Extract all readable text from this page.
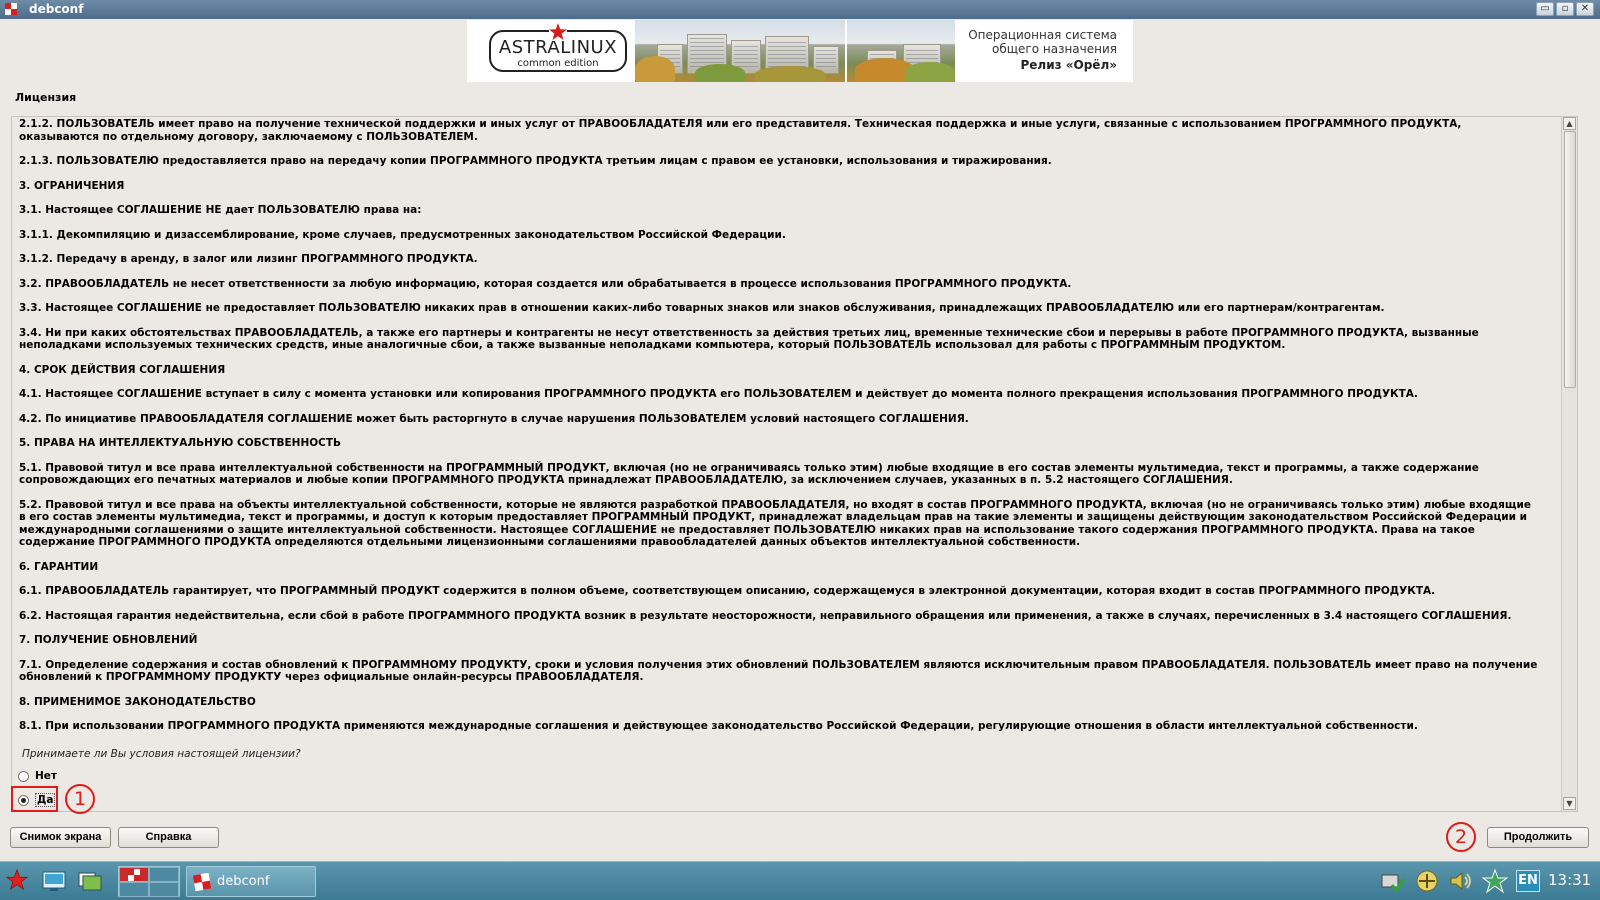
debconf	▭	▫	✕
ASTRALINUX
common edition
Операционная система
общего назначения
Релиз «Орёл»
Лицензия

2.1.2. ПОЛЬЗОВАТЕЛЬ имеет право на получение технической поддержки и иных услуг от ПРАВООБЛАДАТЕЛЯ или его представителя. Техническая поддержка и иные услуги, связанные с использованием ПРОГРАММНОГО ПРОДУКТА, оказываются по отдельному договору, заключаемому с ПОЛЬЗОВАТЕЛЕМ.

2.1.3. ПОЛЬЗОВАТЕЛЮ предоставляется право на передачу копии ПРОГРАММНОГО ПРОДУКТА третьим лицам с правом ее установки, использования и тиражирования.

3. ОГРАНИЧЕНИЯ

3.1. Настоящее СОГЛАШЕНИЕ НЕ дает ПОЛЬЗОВАТЕЛЮ права на:

3.1.1. Декомпиляцию и дизассемблирование, кроме случаев, предусмотренных законодательством Российской Федерации.

3.1.2. Передачу в аренду, в залог или лизинг ПРОГРАММНОГО ПРОДУКТА.

3.2. ПРАВООБЛАДАТЕЛЬ не несет ответственности за любую информацию, которая создается или обрабатывается в процессе использования ПРОГРАММНОГО ПРОДУКТА.

3.3. Настоящее СОГЛАШЕНИЕ не предоставляет ПОЛЬЗОВАТЕЛЮ никаких прав в отношении каких-либо товарных знаков или знаков обслуживания, принадлежащих ПРАВООБЛАДАТЕЛЮ или его партнерам/контрагентам.

3.4. Ни при каких обстоятельствах ПРАВООБЛАДАТЕЛЬ, а также его партнеры и контрагенты не несут ответственность за действия третьих лиц, временные технические сбои и перерывы в работе ПРОГРАММНОГО ПРОДУКТА, вызванные неполадками используемых технических средств, иные аналогичные сбои, а также вызванные неполадками компьютера, который ПОЛЬЗОВАТЕЛЬ использовал для работы с ПРОГРАММНЫМ ПРОДУКТОМ.

4. СРОК ДЕЙСТВИЯ СОГЛАШЕНИЯ

4.1. Настоящее СОГЛАШЕНИЕ вступает в силу с момента установки или копирования ПРОГРАММНОГО ПРОДУКТА его ПОЛЬЗОВАТЕЛЕМ и действует до момента полного прекращения использования ПРОГРАММНОГО ПРОДУКТА.

4.2. По инициативе ПРАВООБЛАДАТЕЛЯ СОГЛАШЕНИЕ может быть расторгнуто в случае нарушения ПОЛЬЗОВАТЕЛЕМ условий настоящего СОГЛАШЕНИЯ.

5. ПРАВА НА ИНТЕЛЛЕКТУАЛЬНУЮ СОБСТВЕННОСТЬ

5.1. Правовой титул и все права интеллектуальной собственности на ПРОГРАММНЫЙ ПРОДУКТ, включая (но не ограничиваясь только этим) любые входящие в его состав элементы мультимедиа, текст и программы, а также содержание сопровождающих его печатных материалов и любые копии ПРОГРАММНОГО ПРОДУКТА принадлежат ПРАВООБЛАДАТЕЛЮ, за исключением случаев, указанных в п. 5.2 настоящего СОГЛАШЕНИЯ.

5.2. Правовой титул и все права на объекты интеллектуальной собственности, которые не являются разработкой ПРАВООБЛАДАТЕЛЯ, но входят в состав ПРОГРАММНОГО ПРОДУКТА, включая (но не ограничиваясь только этим) любые входящие в его состав элементы мультимедиа, текст и программы, и доступ к которым предоставляет ПРОГРАММНЫЙ ПРОДУКТ, принадлежат владельцам прав на такие элементы и защищены действующим законодательством Российской Федерации и международными соглашениями о защите интеллектуальной собственности. Настоящее СОГЛАШЕНИЕ не предоставляет ПОЛЬЗОВАТЕЛЮ никаких прав на использование такого содержания ПРОГРАММНОГО ПРОДУКТА. Права на такое содержание ПРОГРАММНОГО ПРОДУКТА определяются отдельными лицензионными соглашениями правообладателей данных объектов интеллектуальной собственности.

6. ГАРАНТИИ

6.1. ПРАВООБЛАДАТЕЛЬ гарантирует, что ПРОГРАММНЫЙ ПРОДУКТ содержится в полном объеме, соответствующем описанию, содержащемуся в электронной документации, которая входит в состав ПРОГРАММНОГО ПРОДУКТА.

6.2. Настоящая гарантия недействительна, если сбой в работе ПРОГРАММНОГО ПРОДУКТА возник в результате неосторожности, неправильного обращения или применения, а также в случаях, перечисленных в 3.4 настоящего СОГЛАШЕНИЯ.

7. ПОЛУЧЕНИЕ ОБНОВЛЕНИЙ

7.1. Определение содержания и состав обновлений к ПРОГРАММНОМУ ПРОДУКТУ, сроки и условия получения этих обновлений ПОЛЬЗОВАТЕЛЕМ являются исключительным правом ПРАВООБЛАДАТЕЛЯ. ПОЛЬЗОВАТЕЛЬ имеет право на получение обновлений к ПРОГРАММНОМУ ПРОДУКТУ через официальные онлайн-ресурсы ПРАВООБЛАДАТЕЛЯ.

8. ПРИМЕНИМОЕ ЗАКОНОДАТЕЛЬСТВО

8.1. При использовании ПРОГРАММНОГО ПРОДУКТА применяются международные соглашения и действующее законодательство Российской Федерации, регулирующие отношения в области интеллектуальной собственности.

▲
▼
Принимаете ли Вы условия настоящей лицензии?
Нет
Да	1
2
Снимок экрана	Справка	Продолжить
debconf	EN 13:31
